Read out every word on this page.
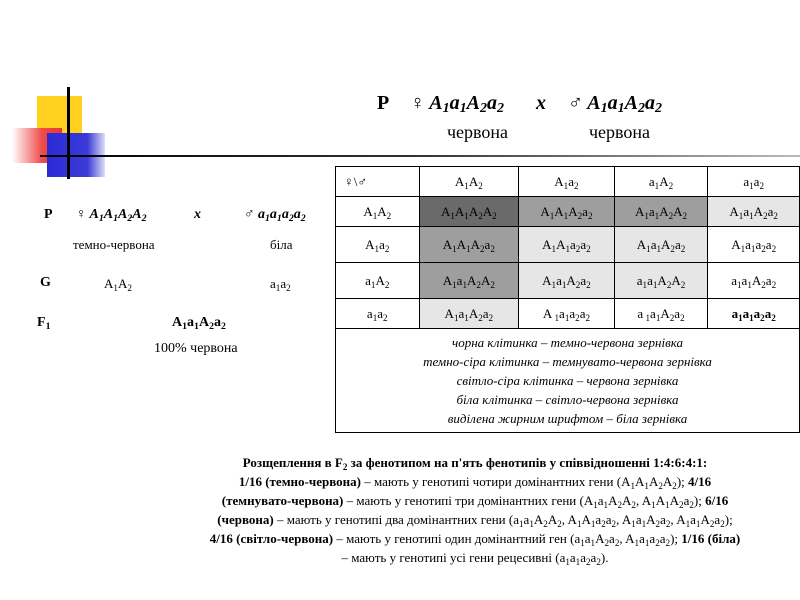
P ♀ $A_1a_1A_2a_2$ x ♂ $A_1a_1A_2a_2$
червона	червона
P ♀ $A_1A_1A_2A_2$	x	♂ $a_1a_1a_2a_2$
темно-червона	біла
G	$A_1A_2$	$a_1a_2$
$F_1$	$A_1a_1A_2a_2$
100% червона
♀\♂	$A_1A_2$	$A_1a_2$	$a_1A_2$	$a_1a_2$
$A_1A_2$	$A_1A_1A_2A_2$	$A_1A_1A_2a_2$	$A_1a_1A_2A_2$	$A_1a_1A_2a_2$
$A_1a_2$	$A_1A_1A_2a_2$	$A_1A_1a_2a_2$	$A_1a_1A_2a_2$	$A_1a_1a_2a_2$
$a_1A_2$	$A_1a_1A_2A_2$	$A_1a_1A_2a_2$	$a_1a_1A_2A_2$	$a_1a_1A_2a_2$
$a_1a_2$	$A_1a_1A_2a_2$	A $_1a_1a_2a_2$	a $_1a_1A_2a_2$	$a_1a_1a_2a_2$

чорна клітинка – темно-червона зернівка
темно-сіра клітинка – темнувато-червона зернівка
світло-сіра клітинка – червона зернівка
біла клітинка – світло-червона зернівка
виділена жирним шрифтом – біла зернівка				
Розщеплення в $F_2$ за фенотипом на п'ять фенотипів у співвідношенні 1:4:6:4:1:
1/16 (темно-червона) – мають у генотипі чотири домінантних гени $(A_1A_1A_2A_2)$; 4/16
(темнувато-червона) – мають у генотипі три домінантних гени ($A_1a_1A_2A_2$, $A_1A_1A_2a_2$); 6/16
(червона) – мають у генотипі два домінантних гени ($a_1a_1A_2A_2$, $A_1A_1a_2a_2$, $A_1a_1A_2a_2$, $A_1a_1A_2a_2$);
4/16 (світло-червона) – мають у генотипі один домінантний ген ($a_1a_1A_2a_2$, $A_1a_1a_2a_2$); 1/16 (біла)
– мають у генотипі усі гени рецесивні $(a_1a_1a_2a_2)$.
